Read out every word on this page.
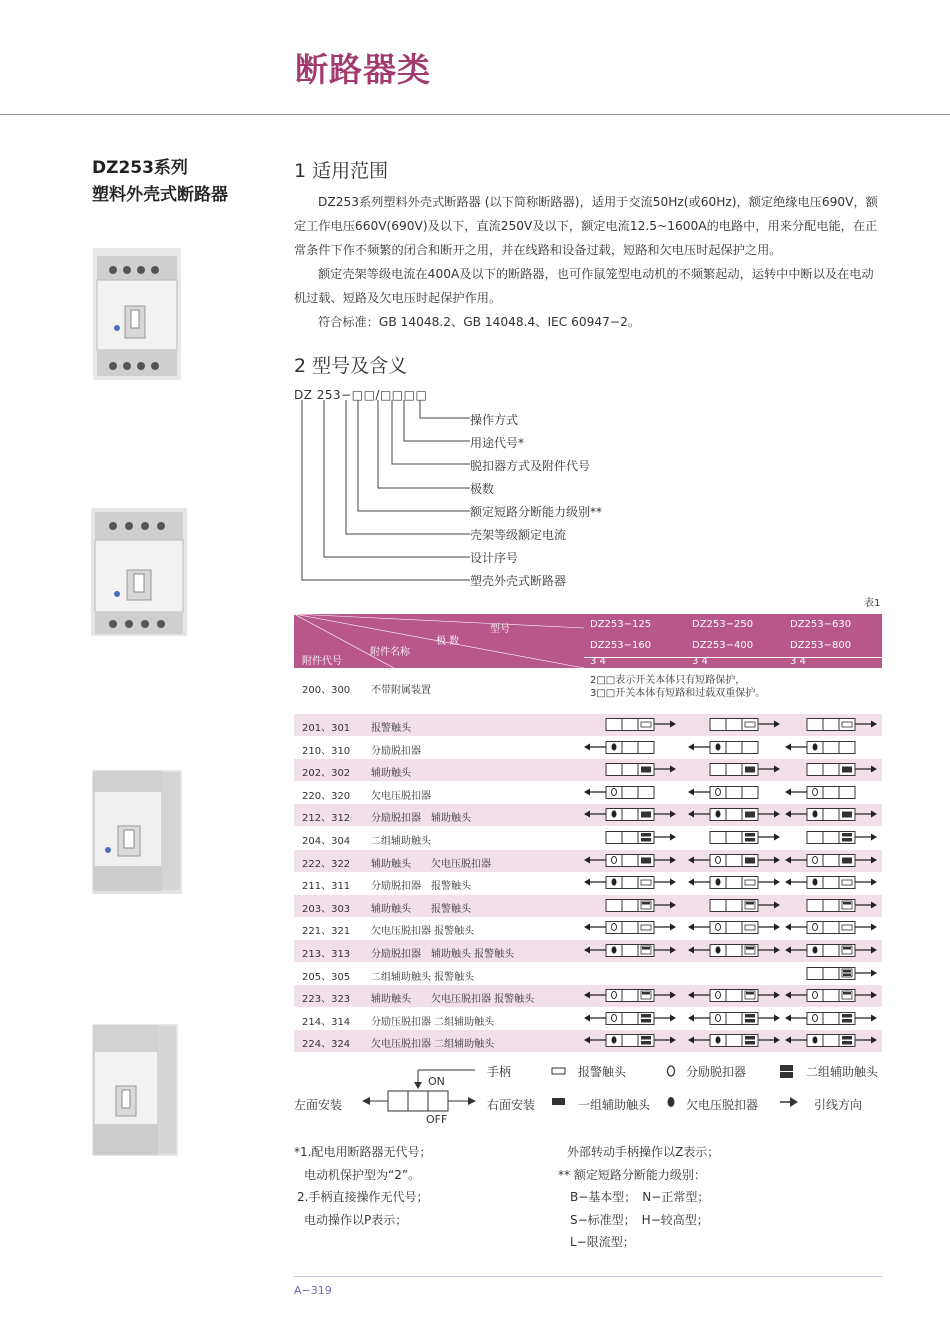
断路器类
DZ253系列
塑料外壳式断路器
1 适用范围

DZ253系列塑料外壳式断路器 (以下简称断路器)，适用于交流50Hz(或60Hz)，额定绝缘电压690V，额定工作电压660V(690V)及以下，直流250V及以下，额定电流12.5~1600A的电路中，用来分配电能，在正常条件下作不频繁的闭合和断开之用，并在线路和设备过载，短路和欠电压时起保护之用。

额定壳架等级电流在400A及以下的断路器，也可作鼠笼型电动机的不频繁起动，运转中中断以及在电动机过载、短路及欠电压时起保护作用。

符合标准：GB 14048.2、GB 14048.4、IEC 60947−2。

2 型号及含义
DZ 253−□□/□□□□
操作方式
用途代号*
脱扣器方式及附件代号
极数
额定短路分断能力级别**
壳架等级额定电流
设计序号
塑壳外壳式断路器
表1
型号
极 数
附件名称
附件代号
DZ253−125
DZ253−160
3 4
DZ253−250
DZ253−400
3 4
DZ253−630
DZ253−800
3 4
200、300 不带附属装置
2□□表示开关本体只有短路保护，
3□□开关本体有短路和过载双重保护。
201、301 报警触头
210、310 分励脱扣器
202、302 辅助触头
220、320 欠电压脱扣器
212、312 分励脱扣器　辅助触头
204、304 二组辅助触头
222、322 辅助触头　　欠电压脱扣器
211、311 分励脱扣器　报警触头
203、303 辅助触头　　报警触头
221、321 欠电压脱扣器 报警触头
213、313 分励脱扣器　辅助触头 报警触头
205、305 二组辅助触头 报警触头
223、323 辅助触头　　欠电压脱扣器 报警触头
214、314 分励压脱扣器 二组辅助触头
224、324 欠电压脱扣器 二组辅助触头
手柄
ON
OFF
左面安装	右面安装
报警触头	分励脱扣器	二组辅助触头
一组辅助触头	欠电压脱扣器	引线方向
*1.配电用断路器无代号；
电动机保护型为“2”。
2.手柄直接操作无代号；
电动操作以P表示；
外部转动手柄操作以Z表示；
** 额定短路分断能力级别：
B−基本型；　N−正常型；
S−标准型；　H−较高型；
L−限流型；
A−319
